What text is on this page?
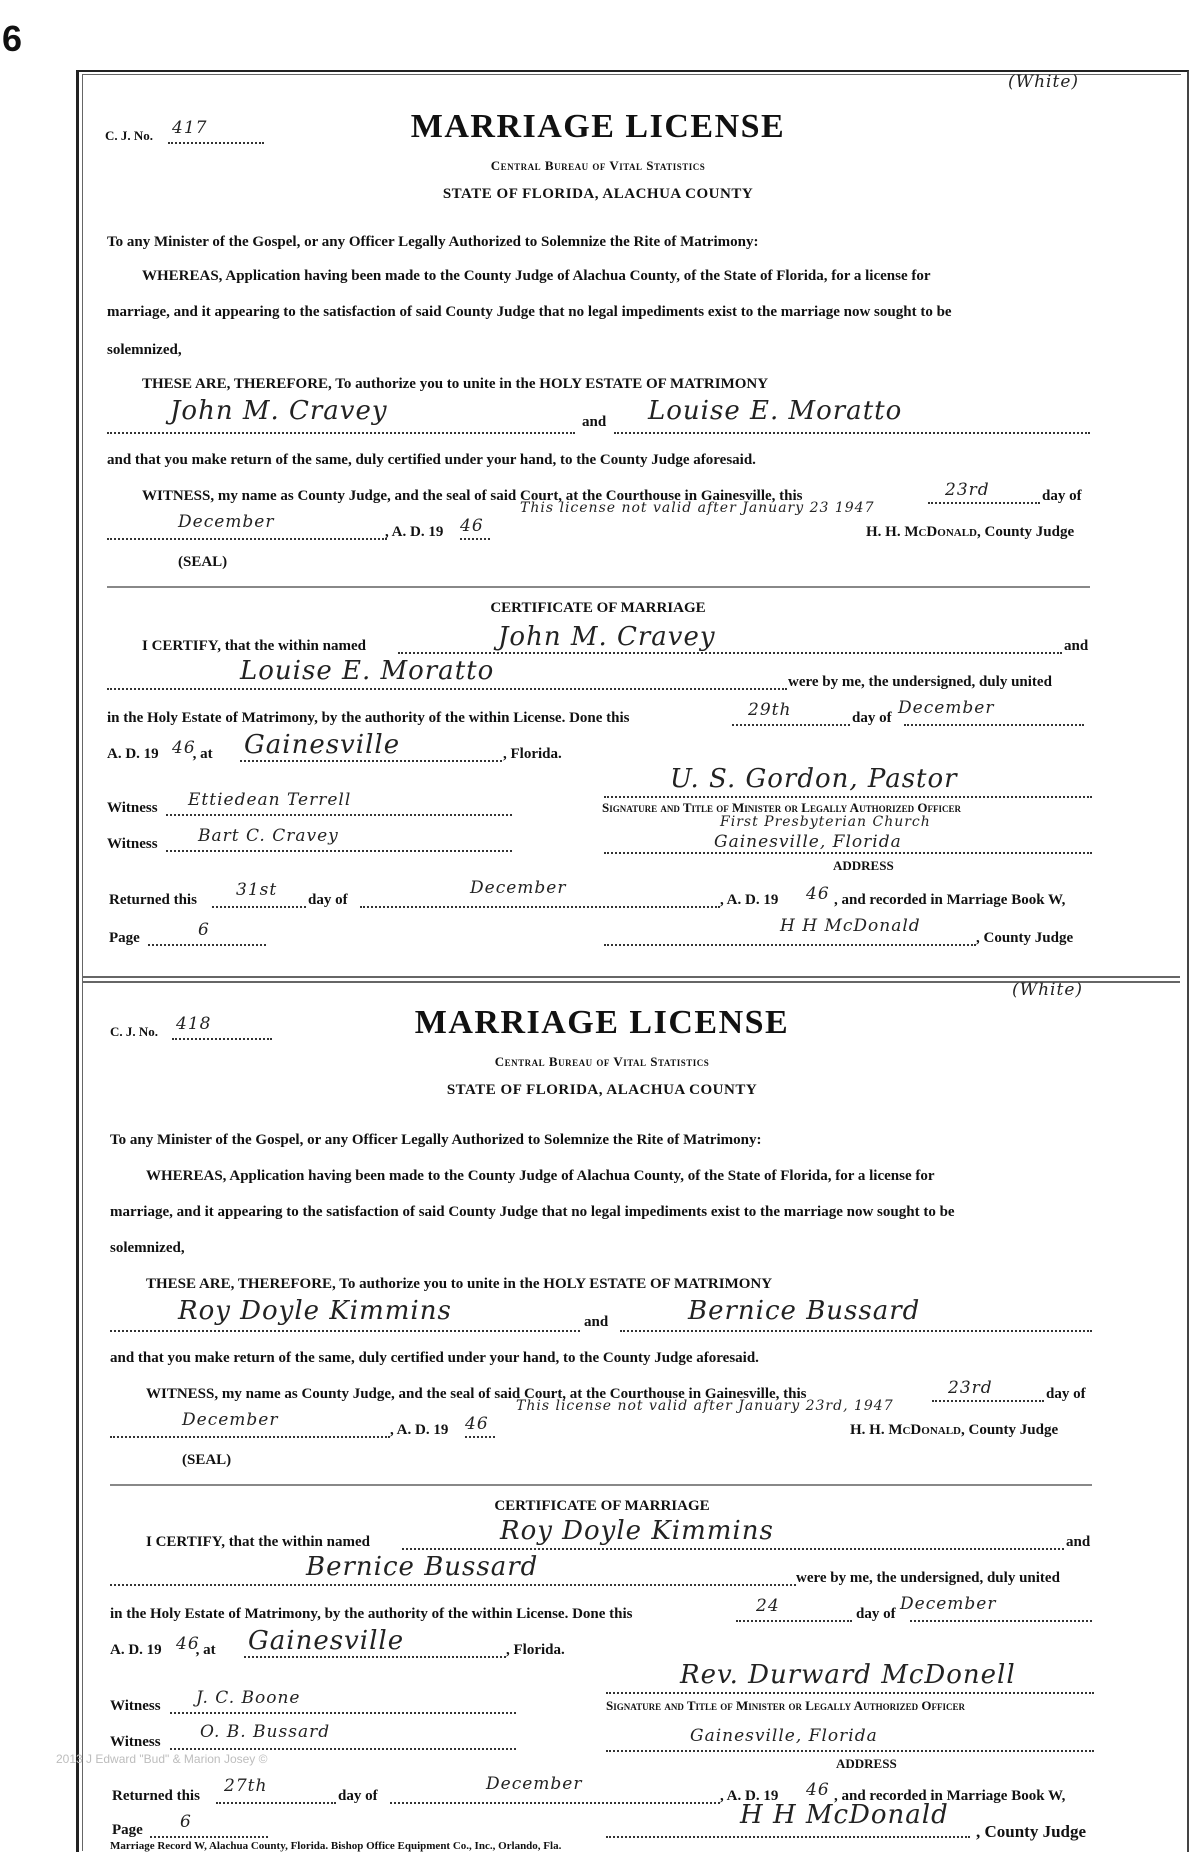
6
(White)
C. J. No. 417	MARRIAGE LICENSE
Central Bureau of Vital Statistics
STATE OF FLORIDA, ALACHUA COUNTY
To any Minister of the Gospel, or any Officer Legally Authorized to Solemnize the Rite of Matrimony:
WHEREAS, Application having been made to the County Judge of Alachua County, of the State of Florida, for a license for
marriage, and it appearing to the satisfaction of said County Judge that no legal impediments exist to the marriage now sought to be
solemnized,
THESE ARE, THEREFORE, To authorize you to unite in the HOLY ESTATE OF MATRIMONY
John M. Cravey	and Louise E. Moratto
and that you make return of the same, duly certified under your hand, to the County Judge aforesaid.
WITNESS, my name as County Judge, and the seal of said Court, at the Courthouse in Gainesville, this	23rd	day of
December	, A. D. 19 46
This license not valid after January 23 1947
H. H. McDonald, County Judge
(SEAL)
CERTIFICATE OF MARRIAGE
I CERTIFY, that the within named	John M. Cravey	and
Louise E. Moratto	were by me, the undersigned, duly united
in the Holy Estate of Matrimony, by the authority of the within License. Done this	29th	day of December
A. D. 19 , at
46 Gainesville	, Florida.
U. S. Gordon, Pastor
Witness Ettiedean Terrell	Signature and Title of Minister or Legally Authorized Officer
First Presbyterian Church
Witness Bart C. Cravey	Gainesville, Florida
ADDRESS
Returned this 31st day of
December
, A. D. 19 46 , and recorded in Marriage Book W,
Page	6	H H McDonald
, County Judge
(White)
C. J. No. 418	MARRIAGE LICENSE
Central Bureau of Vital Statistics
STATE OF FLORIDA, ALACHUA COUNTY
To any Minister of the Gospel, or any Officer Legally Authorized to Solemnize the Rite of Matrimony:
WHEREAS, Application having been made to the County Judge of Alachua County, of the State of Florida, for a license for
marriage, and it appearing to the satisfaction of said County Judge that no legal impediments exist to the marriage now sought to be
solemnized,
THESE ARE, THEREFORE, To authorize you to unite in the HOLY ESTATE OF MATRIMONY
Roy Doyle Kimmins	and	Bernice Bussard
and that you make return of the same, duly certified under your hand, to the County Judge aforesaid.
WITNESS, my name as County Judge, and the seal of said Court, at the Courthouse in Gainesville, this	23rd	day of
December	, A. D. 19 46
This license not valid after January 23rd, 1947
H. H. McDonald, County Judge
(SEAL)
CERTIFICATE OF MARRIAGE
I CERTIFY, that the within named	Roy Doyle Kimmins	and
Bernice Bussard	were by me, the undersigned, duly united
in the Holy Estate of Matrimony, by the authority of the within License. Done this	24	day of December
A. D. 19 , at
46 Gainesville	, Florida.
Rev. Durward McDonell
Witness J. C. Boone	Signature and Title of Minister or Legally Authorized Officer
Witness O. B. Bussard	Gainesville, Florida
ADDRESS
2013 J Edward "Bud" & Marion Josey ©
Returned this 27th	day of
December
, A. D. 19 46 , and recorded in Marriage Book W,
Page 6	H H McDonald
, County Judge
Marriage Record W, Alachua County, Florida. Bishop Office Equipment Co., Inc., Orlando, Fla.
